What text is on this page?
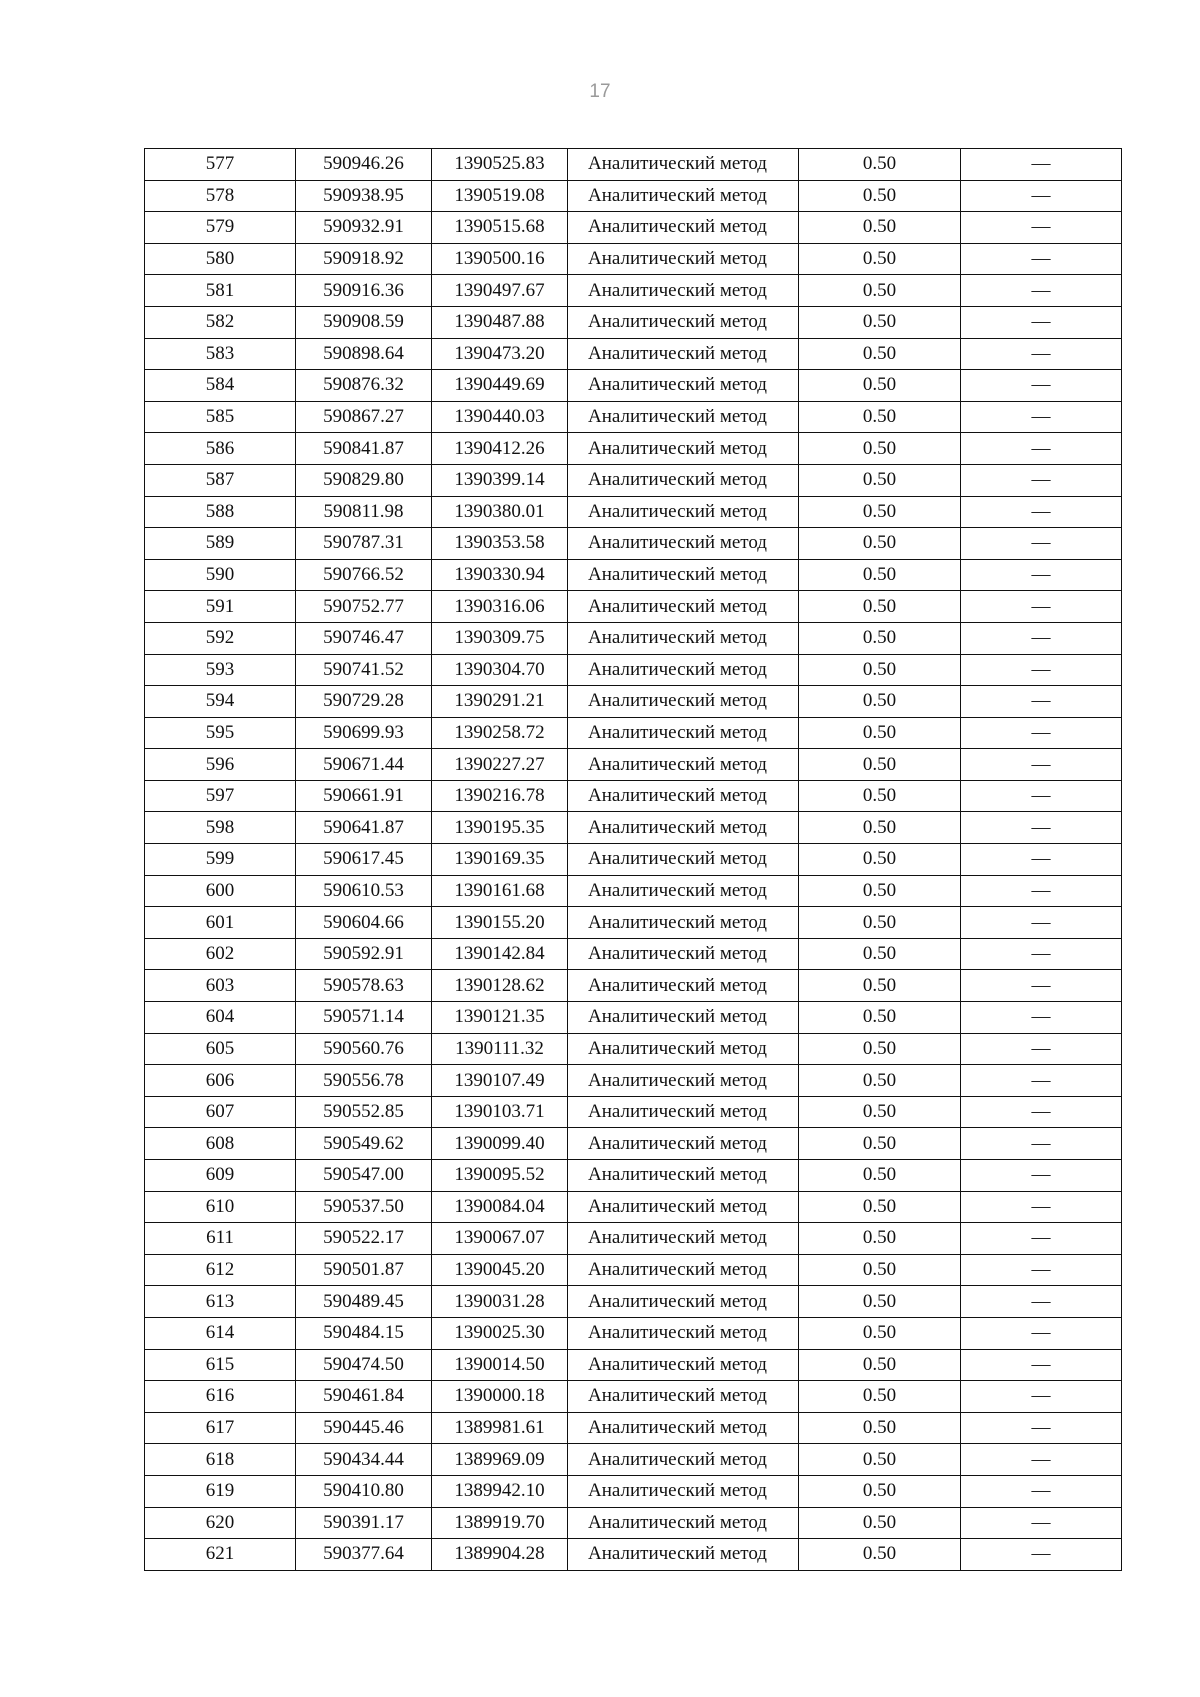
17
577	590946.26	1390525.83	Аналитический метод	0.50	—
578	590938.95	1390519.08	Аналитический метод	0.50	—
579	590932.91	1390515.68	Аналитический метод	0.50	—
580	590918.92	1390500.16	Аналитический метод	0.50	—
581	590916.36	1390497.67	Аналитический метод	0.50	—
582	590908.59	1390487.88	Аналитический метод	0.50	—
583	590898.64	1390473.20	Аналитический метод	0.50	—
584	590876.32	1390449.69	Аналитический метод	0.50	—
585	590867.27	1390440.03	Аналитический метод	0.50	—
586	590841.87	1390412.26	Аналитический метод	0.50	—
587	590829.80	1390399.14	Аналитический метод	0.50	—
588	590811.98	1390380.01	Аналитический метод	0.50	—
589	590787.31	1390353.58	Аналитический метод	0.50	—
590	590766.52	1390330.94	Аналитический метод	0.50	—
591	590752.77	1390316.06	Аналитический метод	0.50	—
592	590746.47	1390309.75	Аналитический метод	0.50	—
593	590741.52	1390304.70	Аналитический метод	0.50	—
594	590729.28	1390291.21	Аналитический метод	0.50	—
595	590699.93	1390258.72	Аналитический метод	0.50	—
596	590671.44	1390227.27	Аналитический метод	0.50	—
597	590661.91	1390216.78	Аналитический метод	0.50	—
598	590641.87	1390195.35	Аналитический метод	0.50	—
599	590617.45	1390169.35	Аналитический метод	0.50	—
600	590610.53	1390161.68	Аналитический метод	0.50	—
601	590604.66	1390155.20	Аналитический метод	0.50	—
602	590592.91	1390142.84	Аналитический метод	0.50	—
603	590578.63	1390128.62	Аналитический метод	0.50	—
604	590571.14	1390121.35	Аналитический метод	0.50	—
605	590560.76	1390111.32	Аналитический метод	0.50	—
606	590556.78	1390107.49	Аналитический метод	0.50	—
607	590552.85	1390103.71	Аналитический метод	0.50	—
608	590549.62	1390099.40	Аналитический метод	0.50	—
609	590547.00	1390095.52	Аналитический метод	0.50	—
610	590537.50	1390084.04	Аналитический метод	0.50	—
611	590522.17	1390067.07	Аналитический метод	0.50	—
612	590501.87	1390045.20	Аналитический метод	0.50	—
613	590489.45	1390031.28	Аналитический метод	0.50	—
614	590484.15	1390025.30	Аналитический метод	0.50	—
615	590474.50	1390014.50	Аналитический метод	0.50	—
616	590461.84	1390000.18	Аналитический метод	0.50	—
617	590445.46	1389981.61	Аналитический метод	0.50	—
618	590434.44	1389969.09	Аналитический метод	0.50	—
619	590410.80	1389942.10	Аналитический метод	0.50	—
620	590391.17	1389919.70	Аналитический метод	0.50	—
621	590377.64	1389904.28	Аналитический метод	0.50	—
